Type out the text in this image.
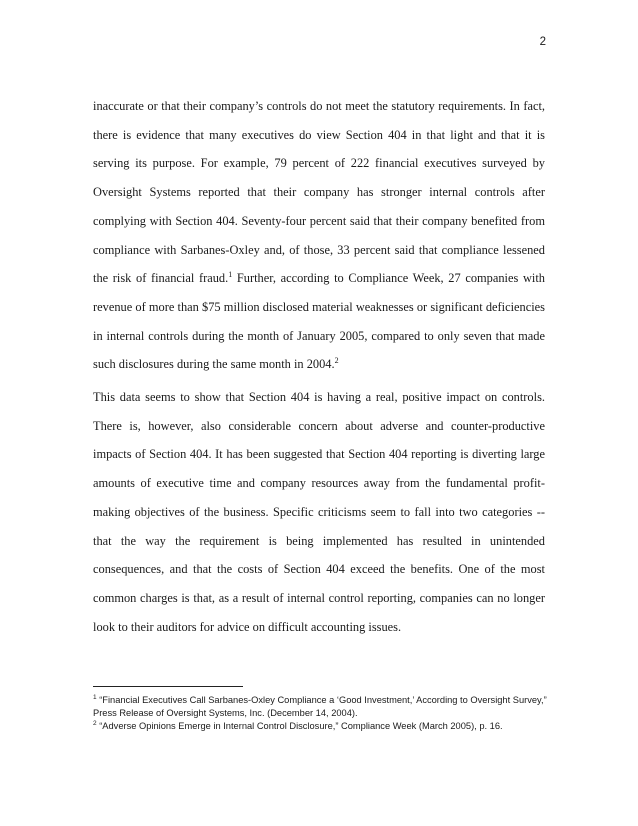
2

inaccurate or that their company’s controls do not meet the statutory requirements. In fact, there is evidence that many executives do view Section 404 in that light and that it is serving its purpose. For example, 79 percent of 222 financial executives surveyed by Oversight Systems reported that their company has stronger internal controls after complying with Section 404. Seventy-four percent said that their company benefited from compliance with Sarbanes-Oxley and, of those, 33 percent said that compliance lessened the risk of financial fraud.$^1$ Further, according to Compliance Week, 27 companies with revenue of more than $75 million disclosed material weaknesses or significant deficiencies in internal controls during the month of January 2005, compared to only seven that made such disclosures during the same month in 2004.$^2$

This data seems to show that Section 404 is having a real, positive impact on controls. There is, however, also considerable concern about adverse and counter-productive impacts of Section 404. It has been suggested that Section 404 reporting is diverting large amounts of executive time and company resources away from the fundamental profit-making objectives of the business. Specific criticisms seem to fall into two categories -- that the way the requirement is being implemented has resulted in unintended consequences, and that the costs of Section 404 exceed the benefits. One of the most common charges is that, as a result of internal control reporting, companies can no longer look to their auditors for advice on difficult accounting issues.

$^1$ “Financial Executives Call Sarbanes-Oxley Compliance a ‘Good Investment,’ According to Oversight Survey,” Press Release of Oversight Systems, Inc. (December 14, 2004).

$^2$ “Adverse Opinions Emerge in Internal Control Disclosure,” Compliance Week (March 2005), p. 16.
